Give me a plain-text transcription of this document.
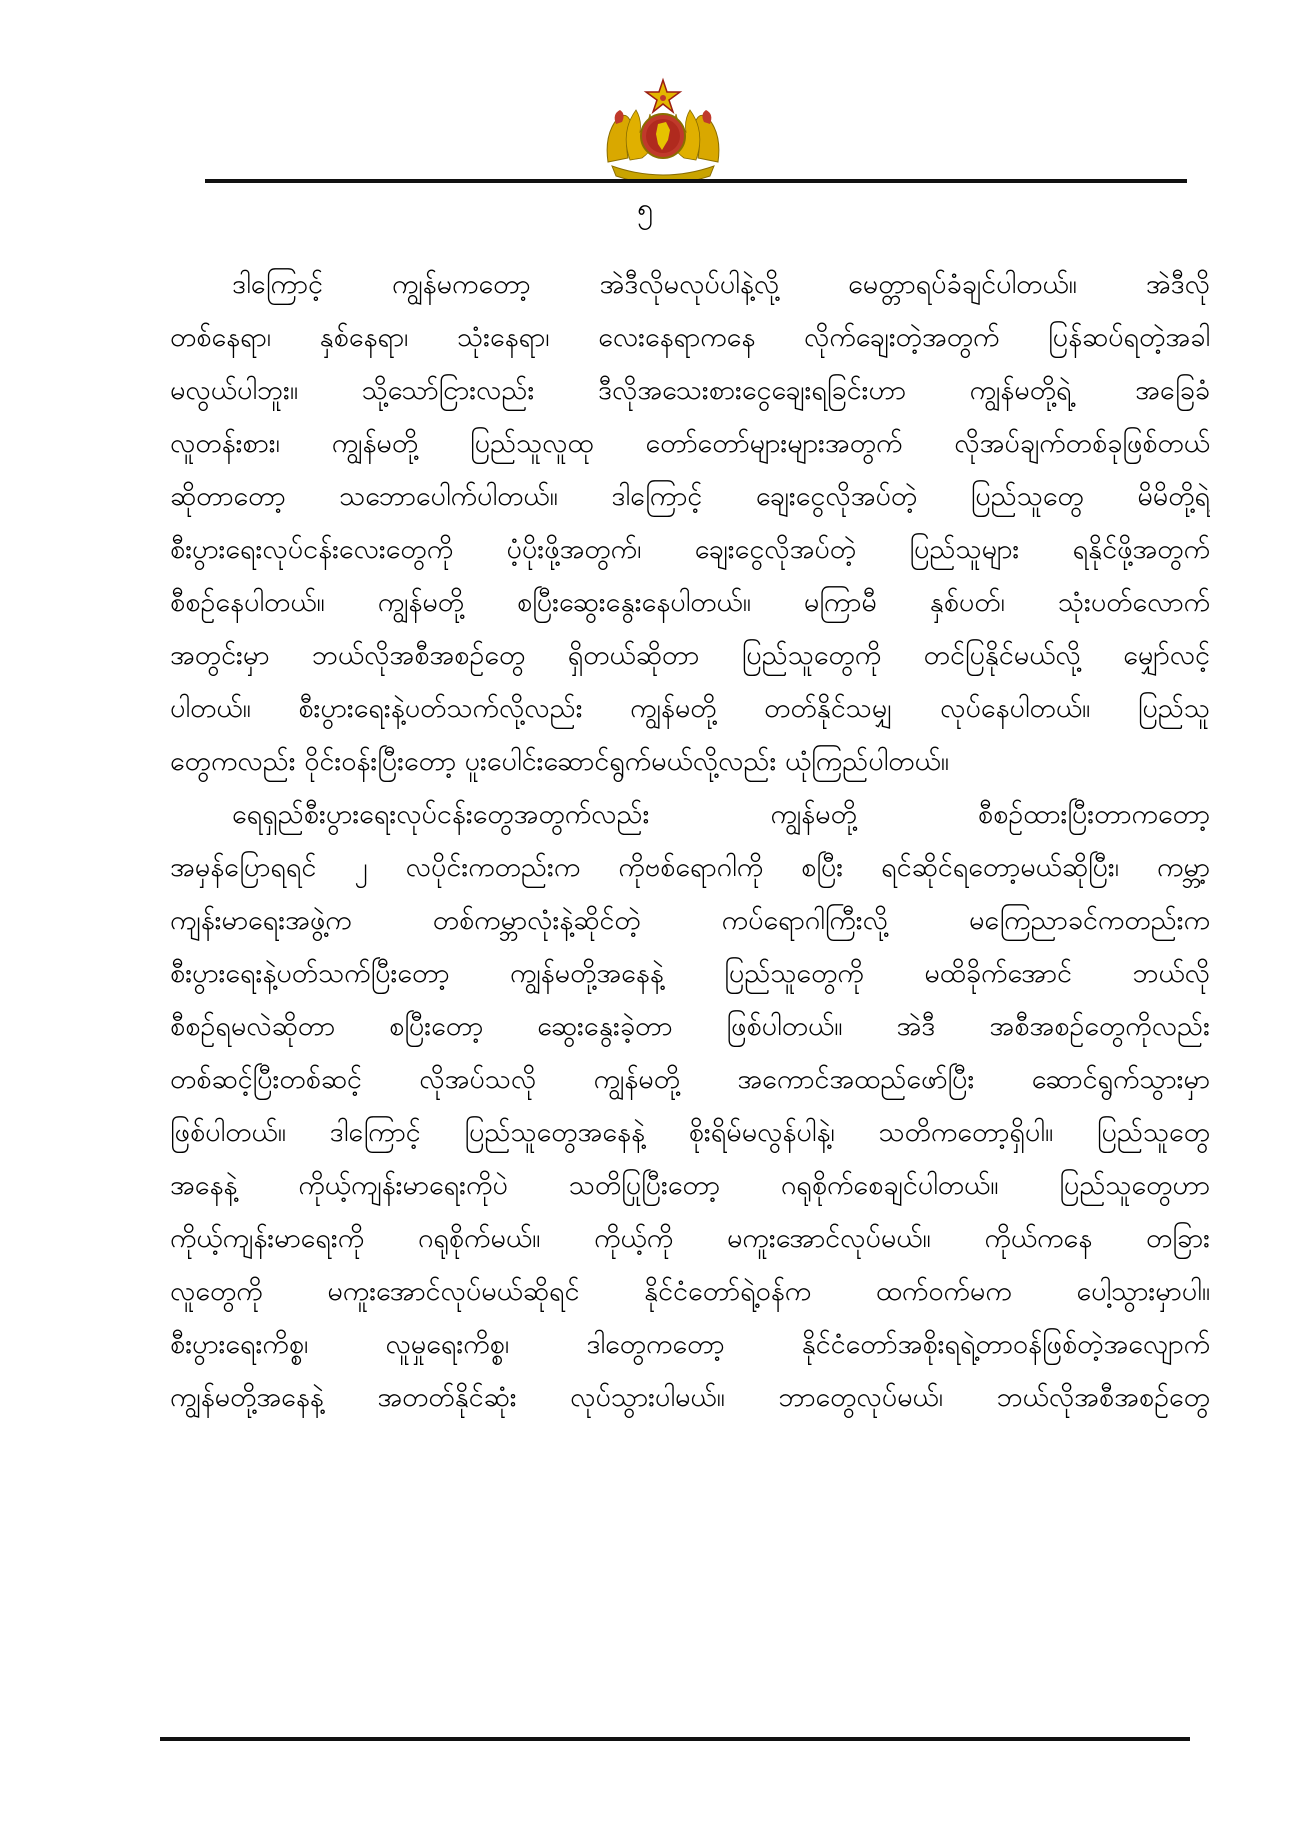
၅
ဒါကြောင့် ကျွန်မကတော့ အဲဒီလိုမလုပ်ပါနဲ့လို့ မေတ္တာရပ်ခံချင်ပါတယ်။ အဲဒီလို
တစ်နေရာ၊ နှစ်နေရာ၊ သုံးနေရာ၊ လေးနေရာကနေ လိုက်ချေးတဲ့အတွက် ပြန်ဆပ်ရတဲ့အခါ
မလွယ်ပါဘူး။ သို့သော်ငြားလည်း ဒီလိုအသေးစားငွေချေးရခြင်းဟာ ကျွန်မတို့ရဲ့ အခြေခံ
လူတန်းစား၊ ကျွန်မတို့ ပြည်သူလူထု တော်တော်များများအတွက် လိုအပ်ချက်တစ်ခုဖြစ်တယ်
ဆိုတာတော့ သဘောပေါက်ပါတယ်။ ဒါကြောင့် ချေးငွေလိုအပ်တဲ့ ပြည်သူတွေ မိမိတို့ရဲ့
စီးပွားရေးလုပ်ငန်းလေးတွေကို ပံ့ပိုးဖို့အတွက်၊ ချေးငွေလိုအပ်တဲ့ ပြည်သူများ ရနိုင်ဖို့အတွက်
စီစဉ်နေပါတယ်။ ကျွန်မတို့ စပြီးဆွေးနွေးနေပါတယ်။ မကြာမီ နှစ်ပတ်၊ သုံးပတ်လောက်
အတွင်းမှာ ဘယ်လိုအစီအစဉ်တွေ ရှိတယ်ဆိုတာ ပြည်သူတွေကို တင်ပြနိုင်မယ်လို့ မျှော်လင့်
ပါတယ်။ စီးပွားရေးနဲ့ပတ်သက်လို့လည်း ကျွန်မတို့ တတ်နိုင်သမျှ လုပ်နေပါတယ်။ ပြည်သူ
တွေကလည်း ဝိုင်းဝန်းပြီးတော့ ပူးပေါင်းဆောင်ရွက်မယ်လို့လည်း ယုံကြည်ပါတယ်။
ရေရှည်စီးပွားရေးလုပ်ငန်းတွေအတွက်လည်း ကျွန်မတို့ စီစဉ်ထားပြီးတာကတော့
အမှန်ပြောရရင် ၂ လပိုင်းကတည်းက ကိုဗစ်ရောဂါကို စပြီး ရင်ဆိုင်ရတော့မယ်ဆိုပြီး၊ ကမ္ဘာ့
ကျန်းမာရေးအဖွဲ့က တစ်ကမ္ဘာလုံးနဲ့ဆိုင်တဲ့ ကပ်ရောဂါကြီးလို့ မကြေညာခင်ကတည်းက
စီးပွားရေးနဲ့ပတ်သက်ပြီးတော့ ကျွန်မတို့အနေနဲ့ ပြည်သူတွေကို မထိခိုက်အောင် ဘယ်လို
စီစဉ်ရမလဲဆိုတာ စပြီးတော့ ဆွေးနွေးခဲ့တာ ဖြစ်ပါတယ်။ အဲဒီ အစီအစဉ်တွေကိုလည်း
တစ်ဆင့်ပြီးတစ်ဆင့် လိုအပ်သလို ကျွန်မတို့ အကောင်အထည်ဖော်ပြီး ဆောင်ရွက်သွားမှာ
ဖြစ်ပါတယ်။ ဒါကြောင့် ပြည်သူတွေအနေနဲ့ စိုးရိမ်မလွန်ပါနဲ့၊ သတိကတော့ရှိပါ။ ပြည်သူတွေ
အနေနဲ့ ကိုယ့်ကျန်းမာရေးကိုပဲ သတိပြုပြီးတော့ ဂရုစိုက်စေချင်ပါတယ်။ ပြည်သူတွေဟာ
ကိုယ့်ကျန်းမာရေးကို ဂရုစိုက်မယ်။ ကိုယ့်ကို မကူးအောင်လုပ်မယ်။ ကိုယ်ကနေ တခြား
လူတွေကို မကူးအောင်လုပ်မယ်ဆိုရင် နိုင်ငံတော်ရဲ့ဝန်က ထက်ဝက်မက ပေါ့သွားမှာပါ။
စီးပွားရေးကိစ္စ၊ လူမှုရေးကိစ္စ၊ ဒါတွေကတော့ နိုင်ငံတော်အစိုးရရဲ့တာဝန်ဖြစ်တဲ့အလျောက်
ကျွန်မတို့အနေနဲ့ အတတ်နိုင်ဆုံး လုပ်သွားပါမယ်။ ဘာတွေလုပ်မယ်၊ ဘယ်လိုအစီအစဉ်တွေ
